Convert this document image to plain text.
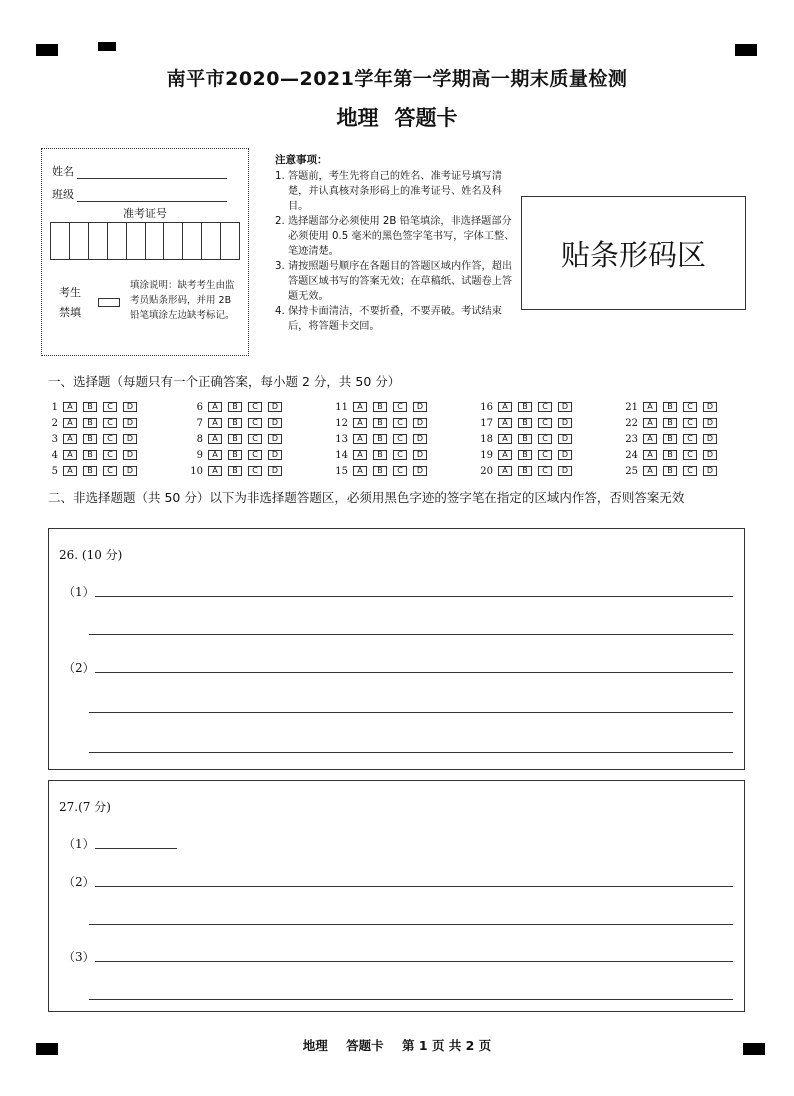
南平市2020—2021学年第一学期高一期末质量检测
地理 答题卡
姓名
班级
准考证号
考生
禁填
填涂说明：缺考考生由监考员贴条形码，并用 2B 铅笔填涂左边缺考标记。
注意事项：
1. 答题前，考生先将自己的姓名、准考证号填写清楚，并认真核对条形码上的准考证号、姓名及科目。
2. 选择题部分必须使用 2B 铅笔填涂，非选择题部分必须使用 0.5 毫米的黑色签字笔书写，字体工整、笔迹清楚。
3. 请按照题号顺序在各题目的答题区域内作答，超出答题区域书写的答案无效；在草稿纸、试题卷上答题无效。
4. 保持卡面清洁，不要折叠，不要弄破。考试结束后，将答题卡交回。
贴条形码区
一、选择题（每题只有一个正确答案，每小题 2 分，共 50 分）
1	A	B	C	D
2	A	B	C	D
3	A	B	C	D
4	A	B	C	D
5	A	B	C	D
6	A	B	C	D
7	A	B	C	D
8	A	B	C	D
9	A	B	C	D
10	A	B	C	D
11	A	B	C	D
12	A	B	C	D
13	A	B	C	D
14	A	B	C	D
15	A	B	C	D
16	A	B	C	D
17	A	B	C	D
18	A	B	C	D
19	A	B	C	D
20	A	B	C	D
21	A	B	C	D
22	A	B	C	D
23	A	B	C	D
24	A	B	C	D
25	A	B	C	D
二、非选择题题（共 50 分）以下为非选择题答题区，必须用黑色字迹的签字笔在指定的区域内作答，否则答案无效
26. (10 分)
（1）
（2）
27.(7 分)
（1）
（2）
（3）
地理 答题卡 第 1 页 共 2 页
